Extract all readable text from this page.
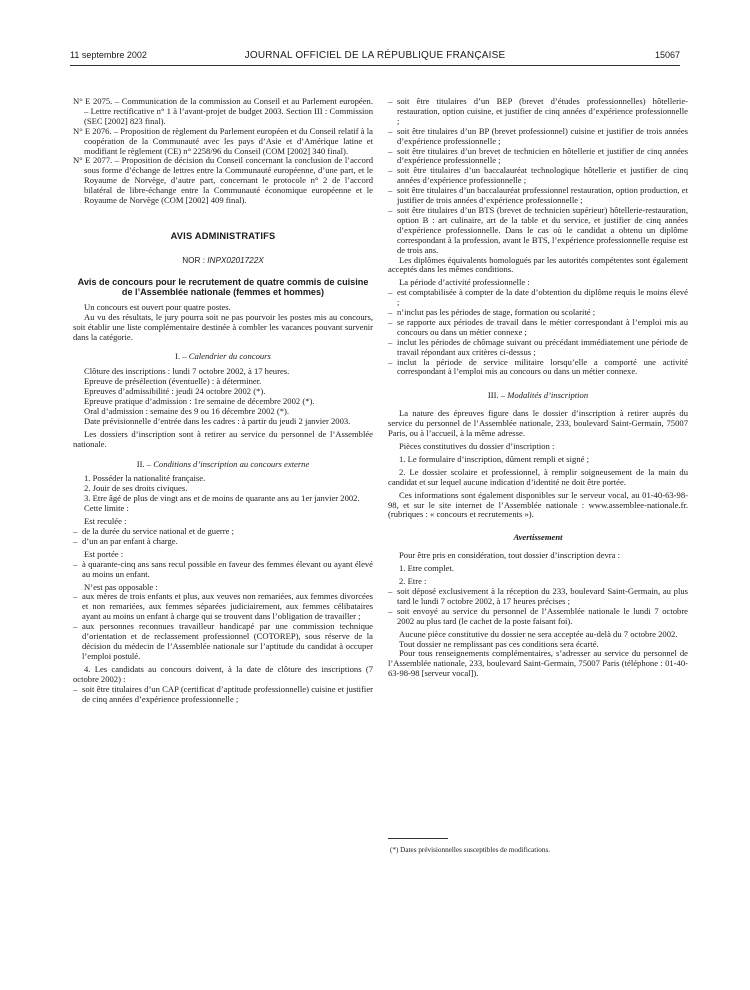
11 septembre 2002	JOURNAL OFFICIEL DE LA RÉPUBLIQUE FRANÇAISE	15067

N° E 2075. – Communication de la commission au Conseil et au Parlement européen. – Lettre rectificative n° 1 à l’avant-projet de budget 2003. Section III : Commission (SEC [2002] 823 final).

N° E 2076. – Proposition de règlement du Parlement européen et du Conseil relatif à la coopération de la Communauté avec les pays d’Asie et d’Amérique latine et modifiant le règlement (CE) n° 2258/96 du Conseil (COM [2002] 340 final).

N° E 2077. – Proposition de décision du Conseil concernant la conclusion de l’accord sous forme d’échange de lettres entre la Communauté européenne, d’une part, et le Royaume de Norvège, d’autre part, concernant le protocole n° 2 de l’accord bilatéral de libre-échange entre la Communauté économique européenne et le Royaume de Norvège (COM [2002] 409 final).

AVIS ADMINISTRATIFS
NOR : INPX0201722X
Avis de concours pour le recrutement de quatre commis de cuisine de l’Assemblée nationale (femmes et hommes)

Un concours est ouvert pour quatre postes.

Au vu des résultats, le jury pourra soit ne pas pourvoir les postes mis au concours, soit établir une liste complémentaire destinée à combler les vacances pouvant survenir dans la catégorie.

I. – Calendrier du concours

Clôture des inscriptions : lundi 7 octobre 2002, à 17 heures.

Epreuve de présélection (éventuelle) : à déterminer.

Epreuves d’admissibilité : jeudi 24 octobre 2002 (*).

Epreuve pratique d’admission : 1re semaine de décembre 2002 (*).

Oral d’admission : semaine des 9 ou 16 décembre 2002 (*).

Date prévisionnelle d’entrée dans les cadres : à partir du jeudi 2 janvier 2003.

Les dossiers d’inscription sont à retirer au service du personnel de l’Assemblée nationale.

II. – Conditions d’inscription au concours externe

1. Posséder la nationalité française.

2. Jouir de ses droits civiques.

3. Etre âgé de plus de vingt ans et de moins de quarante ans au 1er janvier 2002.

Cette limite :

Est reculée :

– de la durée du service national et de guerre ;

– d’un an par enfant à charge.

Est portée :

– à quarante-cinq ans sans recul possible en faveur des femmes élevant ou ayant élevé au moins un enfant.

N’est pas opposable :

– aux mères de trois enfants et plus, aux veuves non remariées, aux femmes divorcées et non remariées, aux femmes séparées judiciairement, aux femmes célibataires ayant au moins un enfant à charge qui se trouvent dans l’obligation de travailler ;

– aux personnes reconnues travailleur handicapé par une commission technique d’orientation et de reclassement professionnel (COTOREP), sous réserve de la décision du médecin de l’Assemblée nationale sur l’aptitude du candidat à occuper l’emploi postulé.

4. Les candidats au concours doivent, à la date de clôture des inscriptions (7 octobre 2002) :

– soit être titulaires d’un CAP (certificat d’aptitude professionnelle) cuisine et justifier de cinq années d’expérience professionnelle ;

– soit être titulaires d’un BEP (brevet d’études professionnelles) hôtellerie-restauration, option cuisine, et justifier de cinq années d’expérience professionnelle ;

– soit être titulaires d’un BP (brevet professionnel) cuisine et justifier de trois années d’expérience professionnelle ;

– soit être titulaires d’un brevet de technicien en hôtellerie et justifier de cinq années d’expérience professionnelle ;

– soit être titulaires d’un baccalauréat technologique hôtellerie et justifier de cinq années d’expérience professionnelle ;

– soit être titulaires d’un baccalauréat professionnel restauration, option production, et justifier de trois années d’expérience professionnelle ;

– soit être titulaires d’un BTS (brevet de technicien supérieur) hôtellerie-restauration, option B : art culinaire, art de la table et du service, et justifier de cinq années d’expérience professionnelle. Dans le cas où le candidat a obtenu un diplôme correspondant à la profession, avant le BTS, l’expérience professionnelle requise est de trois ans.

Les diplômes équivalents homologués par les autorités compétentes sont également acceptés dans les mêmes conditions.

La période d’activité professionnelle :

– est comptabilisée à compter de la date d’obtention du diplôme requis le moins élevé ;

– n’inclut pas les périodes de stage, formation ou scolarité ;

– se rapporte aux périodes de travail dans le métier correspondant à l’emploi mis au concours ou dans un métier connexe ;

– inclut les périodes de chômage suivant ou précédant immédiatement une période de travail répondant aux critères ci-dessus ;

– inclut la période de service militaire lorsqu’elle a comporté une activité correspondant à l’emploi mis au concours ou dans un métier connexe.

III. – Modalités d’inscription

La nature des épreuves figure dans le dossier d’inscription à retirer auprès du service du personnel de l’Assemblée nationale, 233, boulevard Saint-Germain, 75007 Paris, ou à l’accueil, à la même adresse.

Pièces constitutives du dossier d’inscription :

1. Le formulaire d’inscription, dûment rempli et signé ;

2. Le dossier scolaire et professionnel, à remplir soigneusement de la main du candidat et sur lequel aucune indication d’identité ne doit être portée.

Ces informations sont également disponibles sur le serveur vocal, au 01-40-63-98-98, et sur le site internet de l’Assemblée nationale : www.assemblee-nationale.fr. (rubriques : « concours et recrutements »).

Avertissement

Pour être pris en considération, tout dossier d’inscription devra :

1. Etre complet.

2. Etre :

– soit déposé exclusivement à la réception du 233, boulevard Saint-Germain, au plus tard le lundi 7 octobre 2002, à 17 heures précises ;

– soit envoyé au service du personnel de l’Assemblée nationale le lundi 7 octobre 2002 au plus tard (le cachet de la poste faisant foi).

Aucune pièce constitutive du dossier ne sera acceptée au-delà du 7 octobre 2002.

Tout dossier ne remplissant pas ces conditions sera écarté.

Pour tous renseignements complémentaires, s’adresser au service du personnel de l’Assemblée nationale, 233, boulevard Saint-Germain, 75007 Paris (téléphone : 01-40-63-98-98 [serveur vocal]).

(*) Dates prévisionnelles susceptibles de modifications.
